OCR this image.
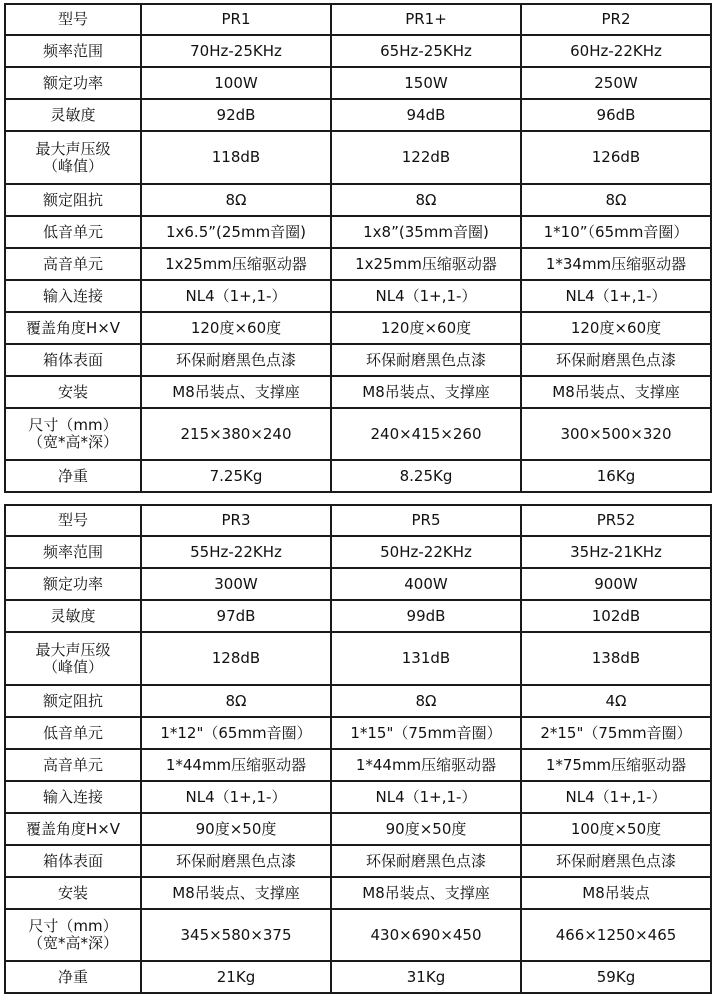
型号	PR1	PR1+	PR2

频率范围	70Hz-25KHz	65Hz-25KHz	60Hz-22KHz

额定功率	100W	150W	250W

灵敏度	92dB	94dB	96dB

最大声压级
（峰值）	118dB	122dB	126dB

额定阻抗	8Ω	8Ω	8Ω

低音单元	1x6.5”(25mm音圈)	1x8”(35mm音圈)	1*10”（65mm音圈）

高音单元	1x25mm压缩驱动器	1x25mm压缩驱动器	1*34mm压缩驱动器

输入连接	NL4（1+,1-）	NL4（1+,1-）	NL4（1+,1-）

覆盖角度H×V	120度×60度	120度×60度	120度×60度

箱体表面	环保耐磨黑色点漆	环保耐磨黑色点漆	环保耐磨黑色点漆

安装	M8吊装点、支撑座	M8吊装点、支撑座	M8吊装点、支撑座

尺寸（mm）
（宽*高*深）	215×380×240	240×415×260	300×500×320

净重	7.25Kg	8.25Kg	16Kg
型号	PR3	PR5	PR52

频率范围	55Hz-22KHz	50Hz-22KHz	35Hz-21KHz

额定功率	300W	400W	900W

灵敏度	97dB	99dB	102dB

最大声压级
（峰值）	128dB	131dB	138dB

额定阻抗	8Ω	8Ω	4Ω

低音单元	1*12"（65mm音圈）	1*15"（75mm音圈）	2*15"（75mm音圈）

高音单元	1*44mm压缩驱动器	1*44mm压缩驱动器	1*75mm压缩驱动器

输入连接	NL4（1+,1-）	NL4（1+,1-）	NL4（1+,1-）

覆盖角度H×V	90度×50度	90度×50度	100度×50度

箱体表面	环保耐磨黑色点漆	环保耐磨黑色点漆	环保耐磨黑色点漆

安装	M8吊装点、支撑座	M8吊装点、支撑座	M8吊装点

尺寸（mm）
（宽*高*深）	345×580×375	430×690×450	466×1250×465

净重	21Kg	31Kg	59Kg
